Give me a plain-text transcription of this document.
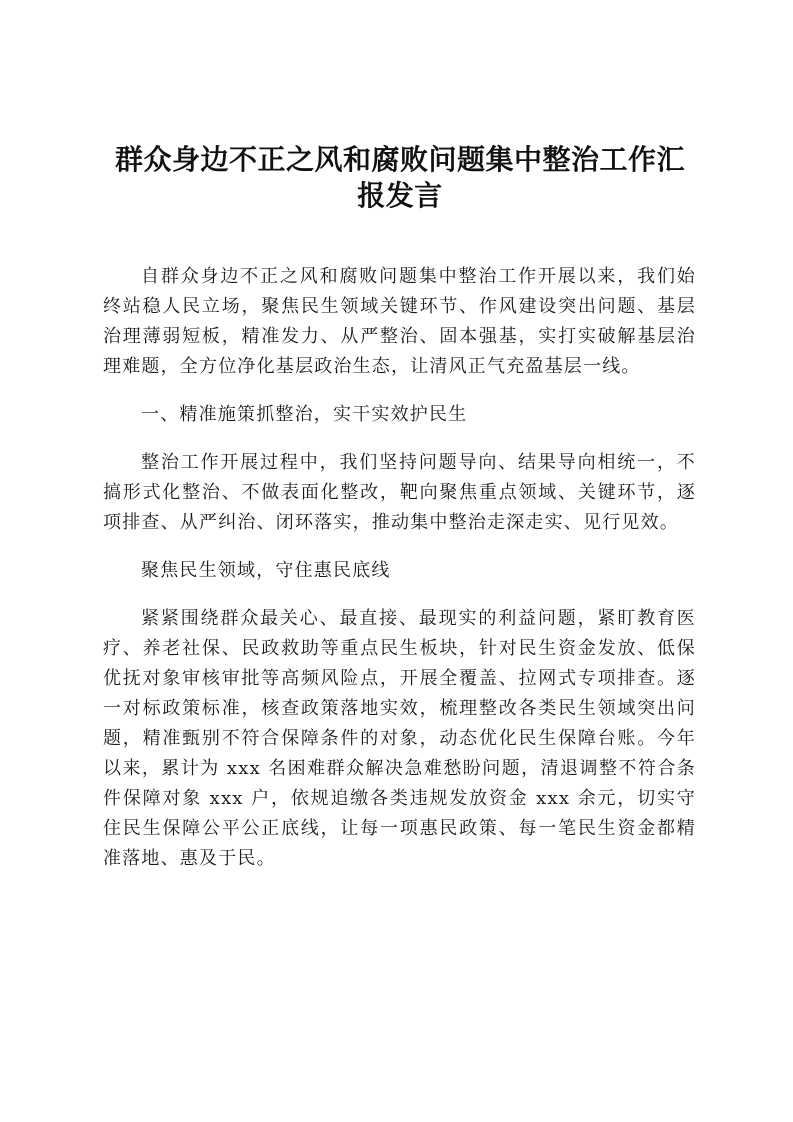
群众身边不正之风和腐败问题集中整治工作汇
报发言

自群众身边不正之风和腐败问题集中整治工作开展以来，我们始终站稳人民立场，聚焦民生领域关键环节、作风建设突出问题、基层治理薄弱短板，精准发力、从严整治、固本强基，实打实破解基层治理难题，全方位净化基层政治生态，让清风正气充盈基层一线。

一、精准施策抓整治，实干实效护民生

整治工作开展过程中，我们坚持问题导向、结果导向相统一，不搞形式化整治、不做表面化整改，靶向聚焦重点领域、关键环节，逐项排查、从严纠治、闭环落实，推动集中整治走深走实、见行见效。

聚焦民生领域，守住惠民底线

紧紧围绕群众最关心、最直接、最现实的利益问题，紧盯教育医疗、养老社保、民政救助等重点民生板块，针对民生资金发放、低保优抚对象审核审批等高频风险点，开展全覆盖、拉网式专项排查。逐一对标政策标准，核查政策落地实效，梳理整改各类民生领域突出问题，精准甄别不符合保障条件的对象，动态优化民生保障台账。今年以来，累计为 xxx 名困难群众解决急难愁盼问题，清退调整不符合条件保障对象 xxx 户，依规追缴各类违规发放资金 xxx 余元，切实守住民生保障公平公正底线，让每一项惠民政策、每一笔民生资金都精准落地、惠及于民。
